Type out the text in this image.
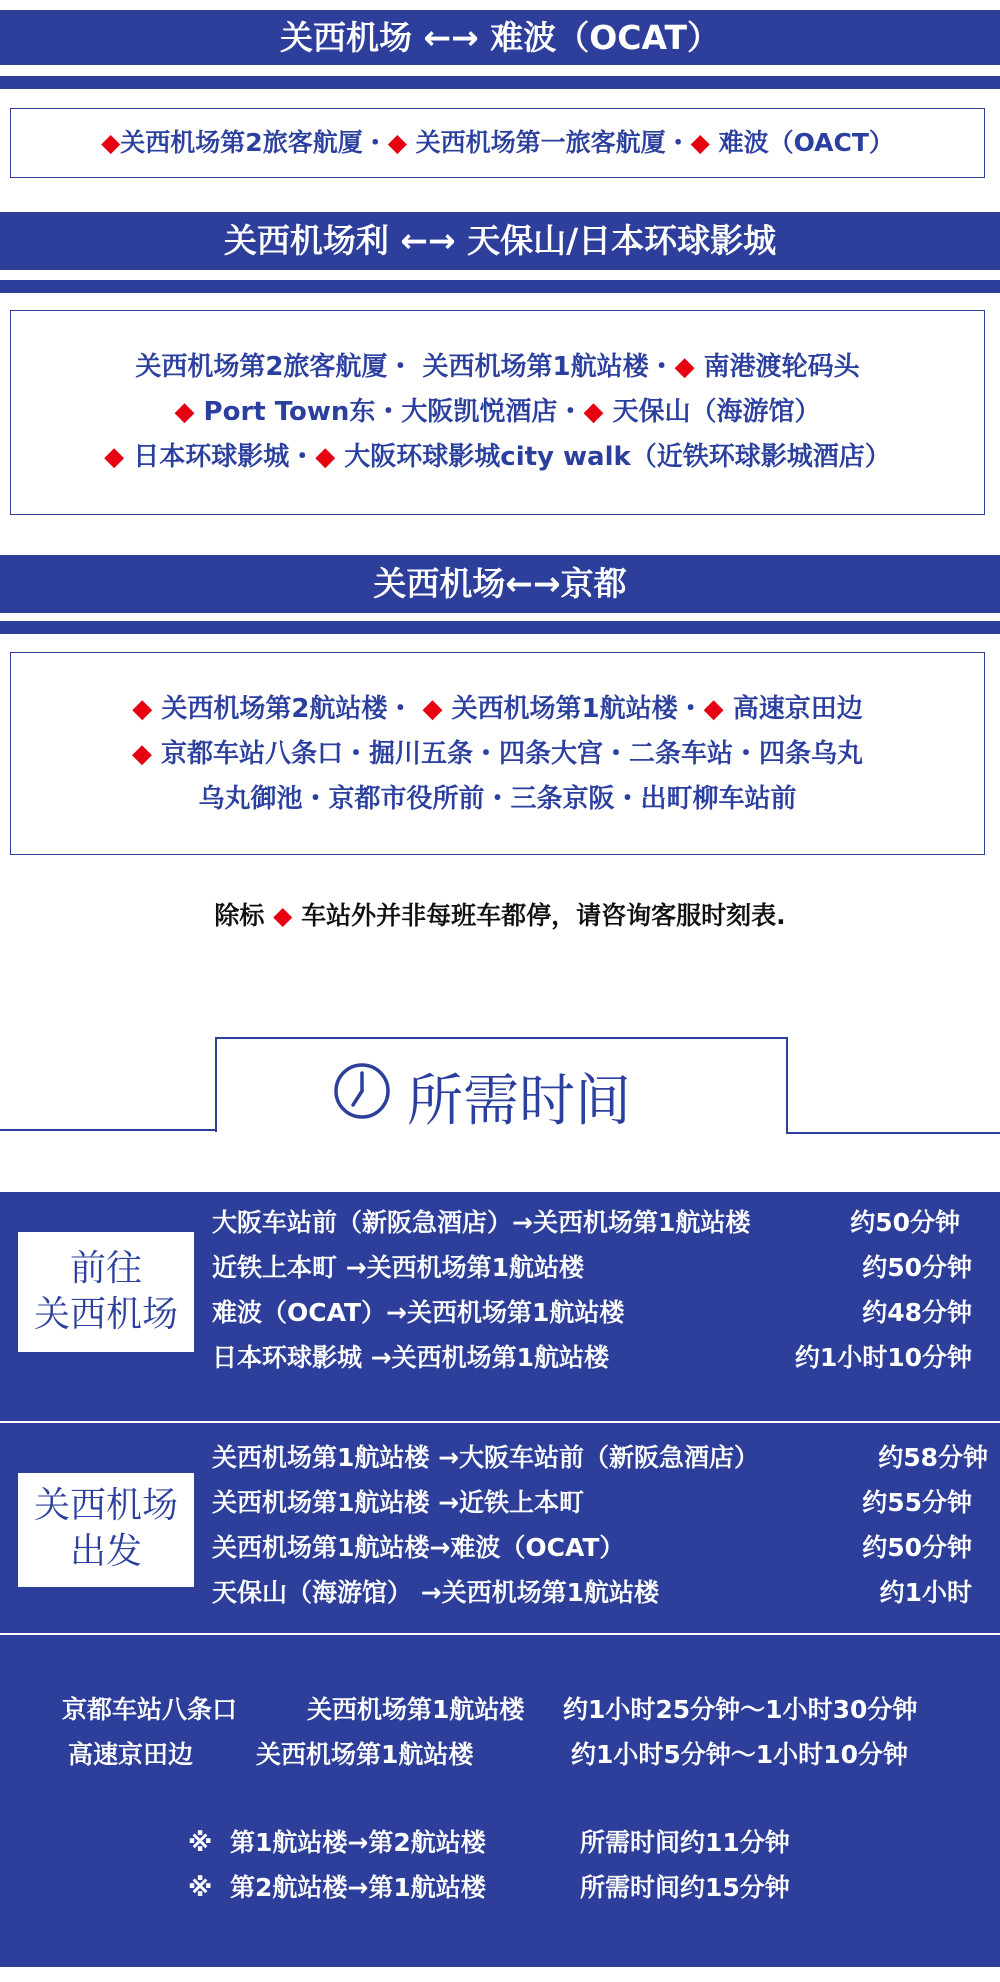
关西机场 ←→ 难波（OCAT）
◆关西机场第2旅客航厦・◆ 关西机场第一旅客航厦・◆ 难波（OACT）
关西机场利 ←→ 天保山/日本环球影城
关西机场第2旅客航厦・ 关西机场第1航站楼・◆ 南港渡轮码头
◆ Port Town东・大阪凯悦酒店・◆ 天保山（海游馆）
◆ 日本环球影城・◆ 大阪环球影城city walk（近铁环球影城酒店）
关西机场←→京都
◆ 关西机场第2航站楼・ ◆ 关西机场第1航站楼・◆ 高速京田边
◆ 京都车站八条口・掘川五条・四条大宫・二条车站・四条乌丸
乌丸御池・京都市役所前・三条京阪・出町柳车站前
除标 ◆ 车站外并非每班车都停，请咨询客服时刻表.
所需时间
前往
关西机场
大阪车站前（新阪急酒店）→关西机场第1航站楼	约50分钟
近铁上本町 →关西机场第1航站楼	约50分钟
难波（OCAT）→关西机场第1航站楼	约48分钟
日本环球影城 →关西机场第1航站楼	约1小时10分钟
关西机场
出发
关西机场第1航站楼 →大阪车站前（新阪急酒店）	约58分钟
关西机场第1航站楼 →近铁上本町	约55分钟
关西机场第1航站楼→难波（OCAT）	约50分钟
天保山（海游馆） →关西机场第1航站楼	约1小时
京都车站八条口	关西机场第1航站楼 约1小时25分钟～1小时30分钟
高速京田边	关西机场第1航站楼	约1小时5分钟～1小时10分钟
※ 第1航站楼→第2航站楼	所需时间约11分钟
※ 第2航站楼→第1航站楼	所需时间约15分钟
